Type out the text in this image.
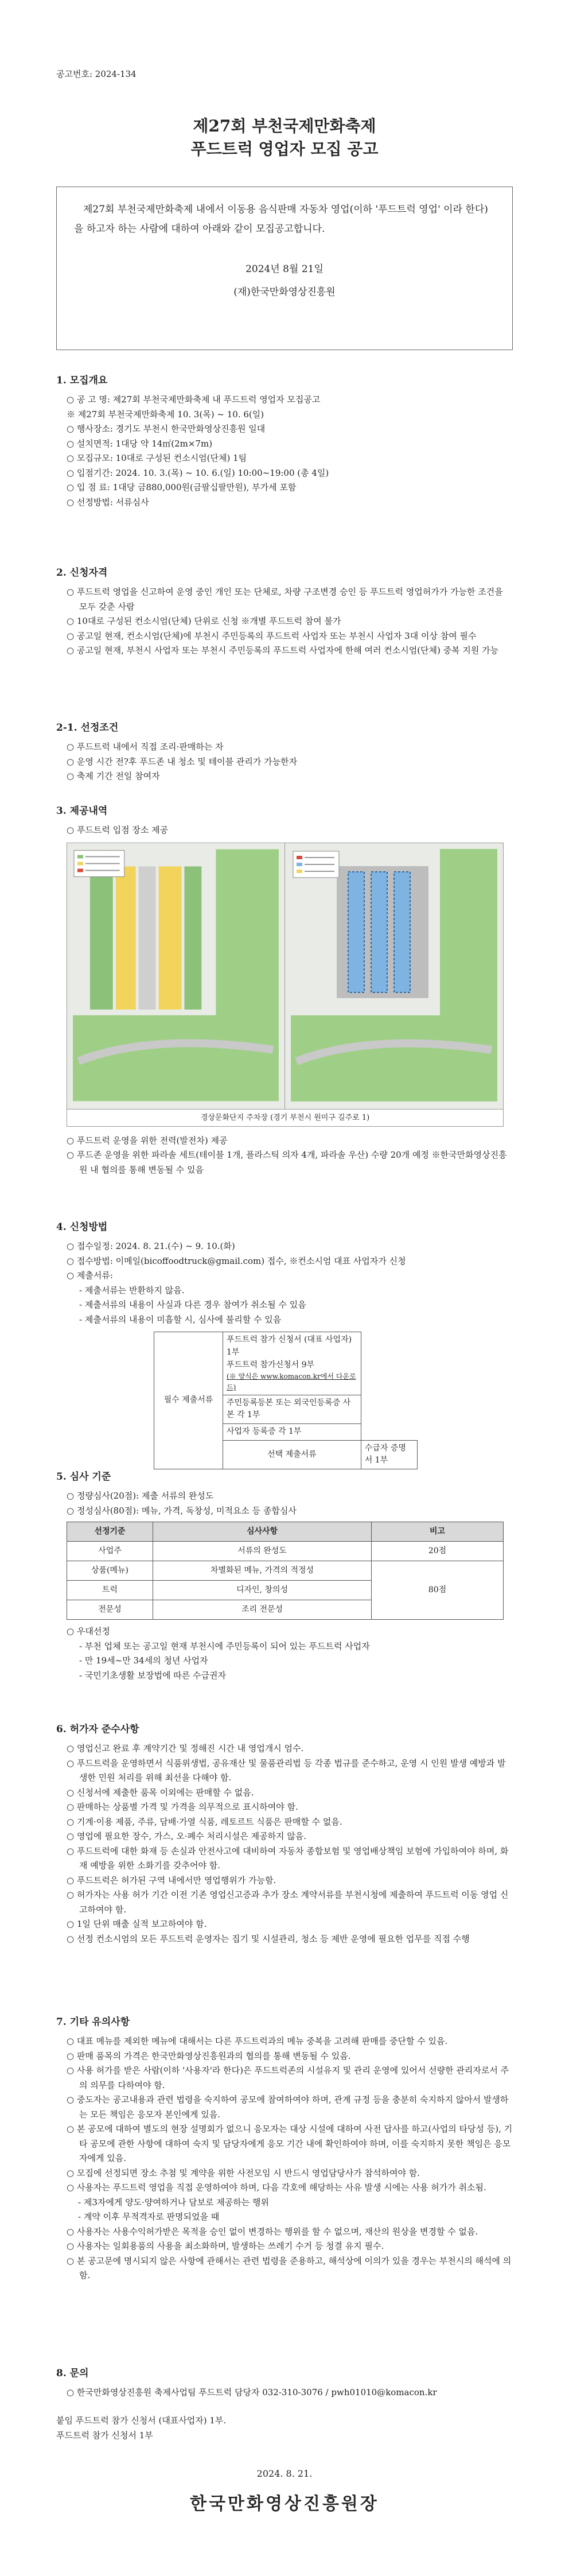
공고번호: 2024-134
제27회 부천국제만화축제
푸드트럭 영업자 모집 공고
제27회 부천국제만화축제 내에서 이동용 음식판매 자동차 영업(이하 '푸드트럭 영업' 이라 한다)을 하고자 하는 사람에 대하여 아래와 같이 모집공고합니다.
2024년 8월 21일
(재)한국만화영상진흥원
1. 모집개요
○ 공 고 명: 제27회 부천국제만화축제 내 푸드트럭 영업자 모집공고
※ 제27회 부천국제만화축제 10. 3(목) ~ 10. 6(일)
○ 행사장소: 경기도 부천시 한국만화영상진흥원 일대
○ 설치면적: 1대당 약 14㎡(2m×7m)
○ 모집규모: 10대로 구성된 컨소시엄(단체) 1팀
○ 입점기간: 2024. 10. 3.(목) ~ 10. 6.(일) 10:00~19:00 (총 4일)
○ 입 점 료: 1대당 금880,000원(금팔십팔만원), 부가세 포함
○ 선정방법: 서류심사
2. 신청자격
○ 푸드트럭 영업을 신고하여 운영 중인 개인 또는 단체로, 차량 구조변경 승인 등 푸드트럭 영업허가가 가능한 조건을 모두 갖춘 사람
○ 10대로 구성된 컨소시엄(단체) 단위로 신청 ※개별 푸드트럭 참여 불가
○ 공고일 현재, 컨소시엄(단체)에 부천시 주민등록의 푸드트럭 사업자 또는 부천시 사업자 3대 이상 참여 필수
○ 공고일 현재, 부천시 사업자 또는 부천시 주민등록의 푸드트럭 사업자에 한해 여러 컨소시엄(단체) 중복 지원 가능
2-1. 선정조건
○ 푸드트럭 내에서 직접 조리·판매하는 자
○ 운영 시간 전?후 푸드존 내 청소 및 테이블 관리가 가능한자
○ 축제 기간 전일 참여자
3. 제공내역
○ 푸드트럭 입점 장소 제공
경상문화단지 주차장 (경기 부천시 원미구 길주로 1)
○ 푸드트럭 운영을 위한 전력(발전차) 제공
○ 푸드존 운영을 위한 파라솔 세트(테이블 1개, 플라스틱 의자 4개, 파라솔 우산) 수량 20개 예정 ※한국만화영상진흥원 내 협의를 통해 변동될 수 있음
4. 신청방법
○ 접수일정: 2024. 8. 21.(수) ~ 9. 10.(화)
○ 접수방법: 이메일(bicoffoodtruck@gmail.com) 접수, ※컨소시엄 대표 사업자가 신청
○ 제출서류:
- 제출서류는 반환하지 않음.
- 제출서류의 내용이 사실과 다른 경우 참여가 취소될 수 있음
- 제출서류의 내용이 미흡할 시, 심사에 불리할 수 있음
필수 제출서류	푸드트럭 참가 신청서 (대표 사업자) 1부
푸드트럭 참가신청서 9부
(※ 양식은 www.komacon.kr에서 다운로드)	

	주민등록등본 또는 외국인등록증 사본 각 1부	
	사업자 등록증 각 1부	
	선택 제출서류	수급자 증명서 1부
5. 심사 기준
○ 정량심사(20점): 제출 서류의 완성도
○ 정성심사(80점): 메뉴, 가격, 독창성, 미적요소 등 종합심사
선정기준	심사사항	비고
사업주	서류의 완성도	20점
상품(메뉴)	차별화된 메뉴, 가격의 적정성	80점
트럭	디자인, 창의성	
전문성	조리 전문성	
○ 우대선정
- 부천 업체 또는 공고일 현재 부천시에 주민등록이 되어 있는 푸드트럭 사업자
- 만 19세~만 34세의 청년 사업자
- 국민기초생활 보장법에 따른 수급권자
6. 허가자 준수사항
○ 영업신고 완료 후 계약기간 및 정해진 시간 내 영업개시 엄수.
○ 푸드트럭을 운영하면서 식품위생법, 공유재산 및 물품관리법 등 각종 법규를 준수하고, 운영 시 인원 발생 예방과 발생한 민원 처리를 위해 최선을 다해야 함.
○ 신청서에 제출한 품목 이외에는 판매할 수 없음.
○ 판매하는 상품별 가격 및 가격을 의무적으로 표시하여야 함.
○ 기계·이용 제품, 주류, 담배·가열 식품, 레토르트 식품은 판매할 수 없음.
○ 영업에 필요한 장수, 가스, 오·폐수 처리시설은 제공하지 않음.
○ 푸드트럭에 대한 화재 등 손실과 안전사고에 대비하여 자동차 종합보험 및 영업배상책임 보험에 가입하여야 하며, 화재 예방을 위한 소화기를 갖추어야 함.
○ 푸드트럭은 허가된 구역 내에서만 영업행위가 가능함.
○ 허가자는 사용 허가 기간 이전 기존 영업신고증과 추가 장소 계약서류를 부천시청에 제출하여 푸드트럭 이동 영업 신고하여야 함.
○ 1일 단위 매출 실적 보고하여야 함.
○ 선정 컨소시엄의 모든 푸드트럭 운영자는 집기 및 시설관리, 청소 등 제반 운영에 필요한 업무를 직접 수행
7. 기타 유의사항
○ 대표 메뉴를 제외한 메뉴에 대해서는 다른 푸드트럭과의 메뉴 중복을 고려해 판매를 중단할 수 있음.
○ 판매 품목의 가격은 한국만화영상진흥원과의 협의를 통해 변동될 수 있음.
○ 사용 허가를 받은 사람(이하 '사용자'라 한다)은 푸드트럭존의 시설유지 및 관리 운영에 있어서 선량한 관리자로서 주의 의무를 다하여야 함.
○ 중도자는 공고내용과 관련 법령을 숙지하여 공모에 참여하여야 하며, 관계 규정 등을 충분히 숙지하지 않아서 발생하는 모든 책임은 응모자 본인에게 있음.
○ 본 공모에 대하여 별도의 현장 설명회가 없으니 응모자는 대상 시설에 대하여 사전 답사를 하고(사업의 타당성 등), 기타 공모에 관한 사항에 대하여 숙지 및 담당자에게 응모 기간 내에 확인하여야 하며, 이를 숙지하지 못한 책임은 응모자에게 있음.
○ 모집에 선정되면 장소 추첨 및 계약을 위한 사전모임 시 반드시 영업담당사가 참석하여야 함.
○ 사용자는 푸드트럭 영업을 직접 운영하여야 하며, 다음 각호에 해당하는 사유 발생 시에는 사용 허가가 취소됨.
- 제3자에게 양도·양여하거나 담보로 제공하는 행위
- 계약 이후 무적격자로 판명되었을 때
○ 사용자는 사용수익허가받은 목적을 승인 없이 변경하는 행위를 할 수 없으며, 재산의 원상을 변경할 수 없음.
○ 사용자는 일회용품의 사용을 최소화하며, 발생하는 쓰레기 수거 등 청결 유지 필수.
○ 본 공고문에 명시되지 않은 사항에 관해서는 관련 법령을 준용하고, 해석상에 이의가 있을 경우는 부천시의 해석에 의함.
8. 문의
○ 한국만화영상진흥원 축제사업팀 푸드트럭 담당자 032-310-3076 / pwh01010@komacon.kr
붙임 푸드트럭 참가 신청서 (대표사업자) 1부.
푸드트럭 참가 신청서 1부
2024. 8. 21.
한국만화영상진흥원장
